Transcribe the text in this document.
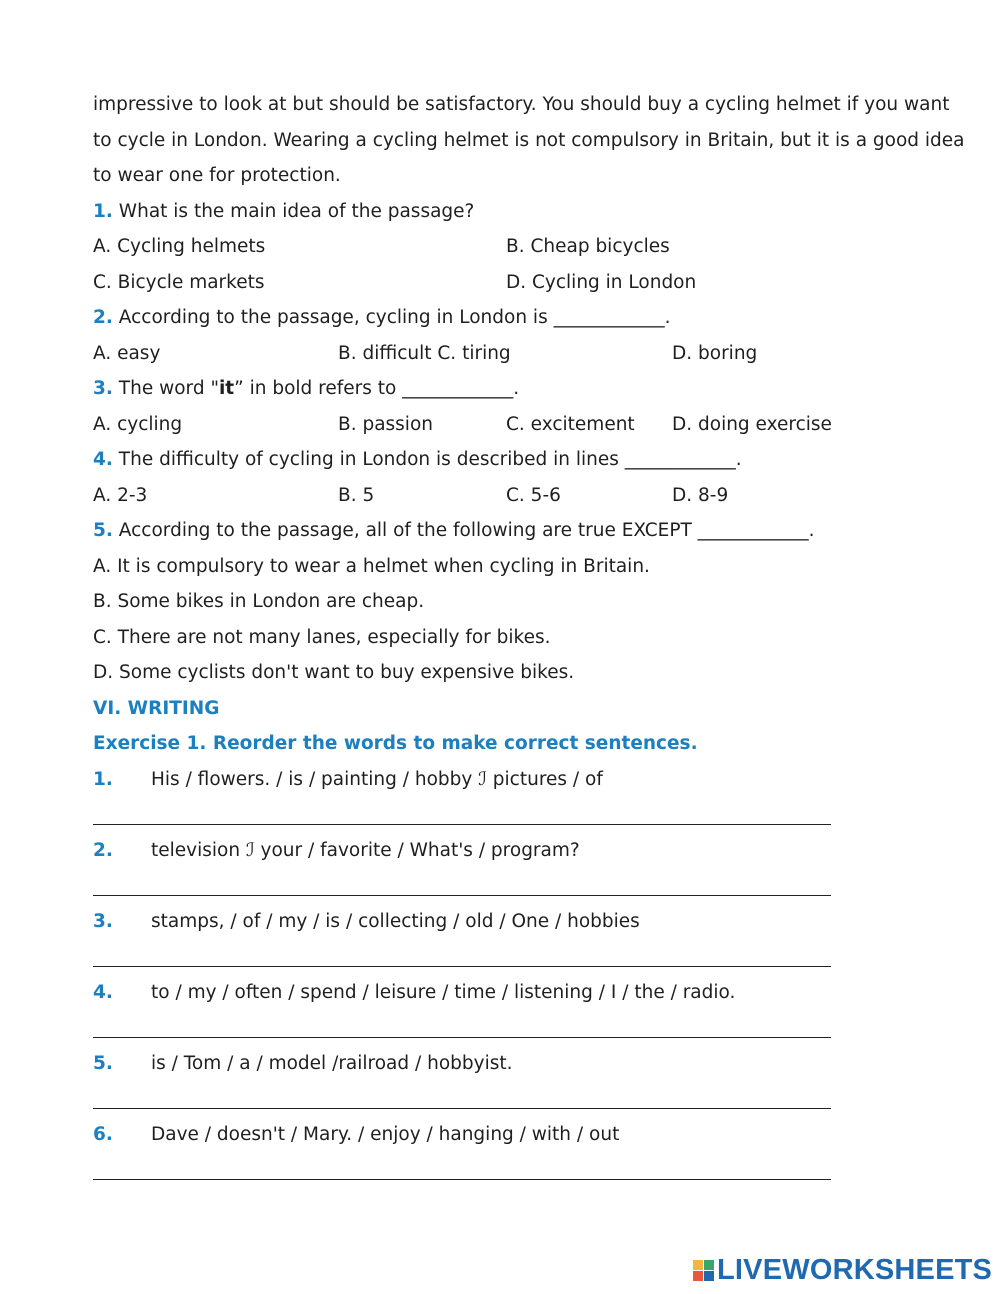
impressive to look at but should be satisfactory. You should buy a cycling helmet if you want
to cycle in London. Wearing a cycling helmet is not compulsory in Britain, but it is a good idea
to wear one for protection.
1. What is the main idea of the passage?
A. Cycling helmets	B. Cheap bicycles
C. Bicycle markets	D. Cycling in London
2. According to the passage, cycling in London is ____________.
A. easy	B. difficult C. tiring	D. boring
3. The word "it” in bold refers to ____________.
A. cycling	B. passion	C. excitement D. doing exercise
4. The difficulty of cycling in London is described in lines ____________.
A. 2-3	B. 5	C. 5-6	D. 8-9
5. According to the passage, all of the following are true EXCEPT ____________.
A. It is compulsory to wear a helmet when cycling in Britain.
B. Some bikes in London are cheap.
C. There are not many lanes, especially for bikes.
D. Some cyclists don't want to buy expensive bikes.
VI. WRITING
Exercise 1. Reorder the words to make correct sentences.
1. His / flowers. / is / painting / hobby ℐ pictures / of
2. television ℐ your / favorite / What's / program?
3. stamps, / of / my / is / collecting / old / One / hobbies
4. to / my / often / spend / leisure / time / listening / I / the / radio.
5. is / Tom / a / model /railroad / hobbyist.
6. Dave / doesn't / Mary. / enjoy / hanging / with / out
LIVEWORKSHEETS
